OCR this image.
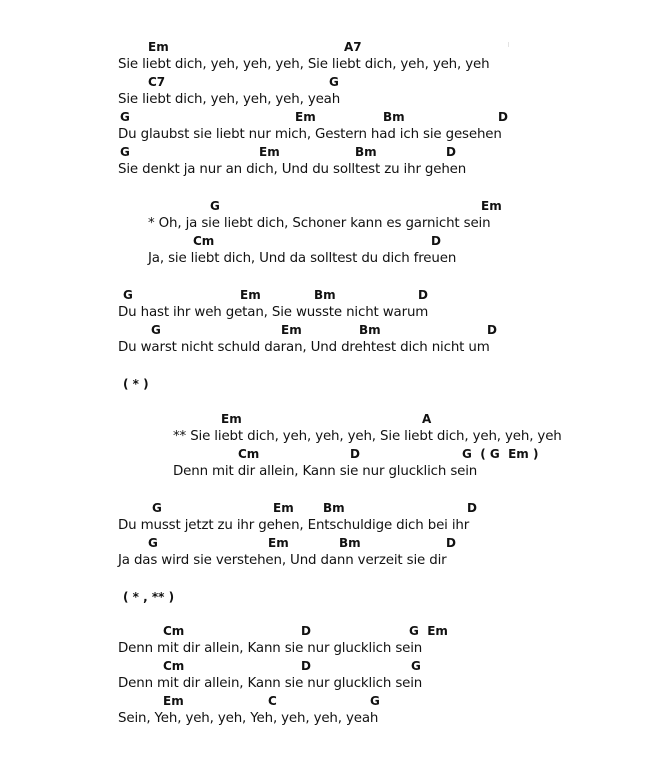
Em	A7
Sie liebt dich, yeh, yeh, yeh, Sie liebt dich, yeh, yeh, yeh
C7	G
Sie liebt dich, yeh, yeh, yeh, yeah
G	Em	Bm	D
Du glaubst sie liebt nur mich, Gestern had ich sie gesehen
G	Em	Bm	D
Sie denkt ja nur an dich, Und du solltest zu ihr gehen
G	Em
* Oh, ja sie liebt dich, Schoner kann es garnicht sein
Cm	D
Ja, sie liebt dich, Und da solltest du dich freuen
G	Em	Bm	D
Du hast ihr weh getan, Sie wusste nicht warum
G	Em	Bm	D
Du warst nicht schuld daran, Und drehtest dich nicht um
( * )
Em	A
** Sie liebt dich, yeh, yeh, yeh, Sie liebt dich, yeh, yeh, yeh
Cm	D	G  ( G  Em )
Denn mit dir allein, Kann sie nur glucklich sein
G	Em Bm	D
Du musst jetzt zu ihr gehen, Entschuldige dich bei ihr
G	Em	Bm	D
Ja das wird sie verstehen, Und dann verzeit sie dir
( * , ** )
Cm	D	G  Em
Denn mit dir allein, Kann sie nur glucklich sein
Cm	D	G
Denn mit dir allein, Kann sie nur glucklich sein
Em	C	G
Sein, Yeh, yeh, yeh, Yeh, yeh, yeh, yeah
